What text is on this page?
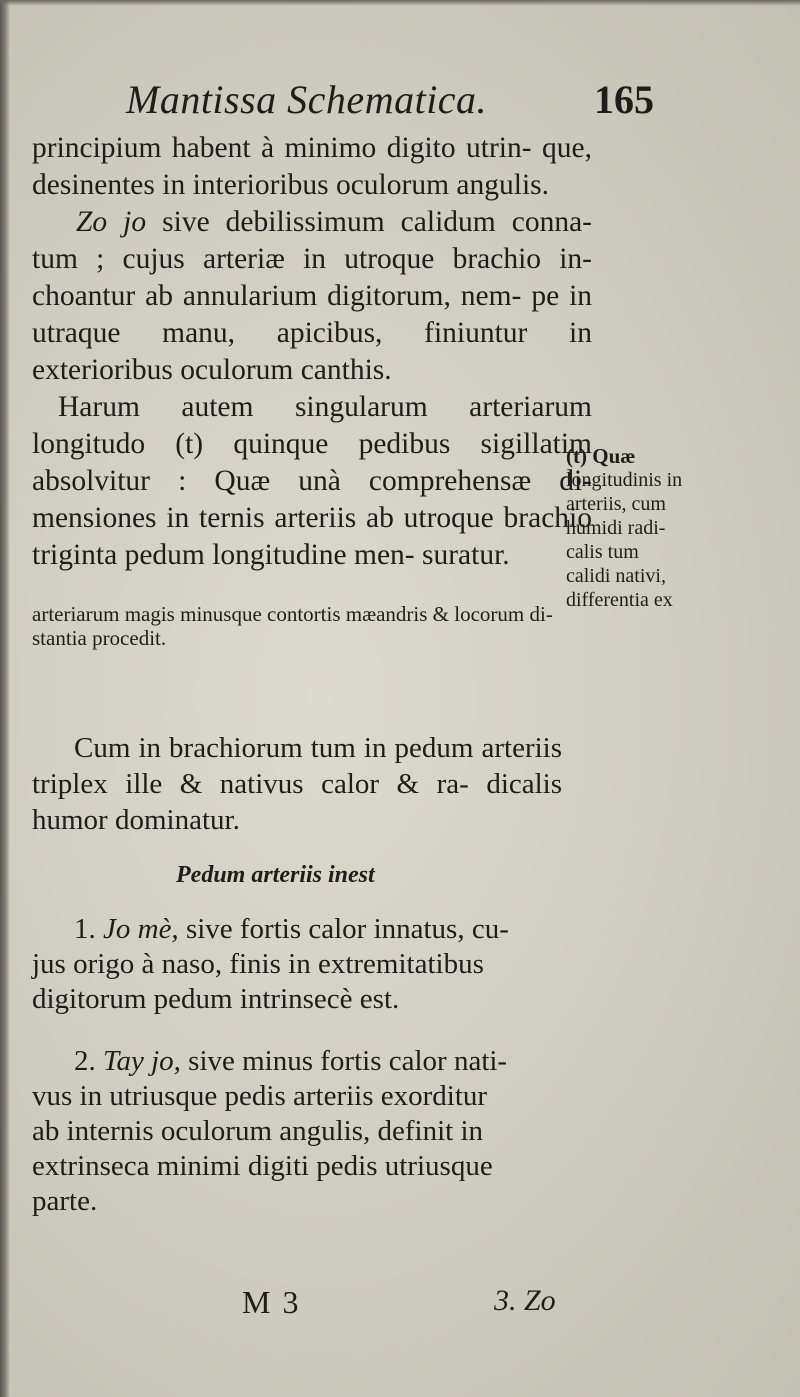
Mantissa Schematica.	165

principium habent à minimo digito utrin- que, desinentes in interioribus oculorum angulis.

Zo jo sive debilissimum calidum conna- tum ; cujus arteriæ in utroque brachio in- choantur ab annularium digitorum, nem- pe in utraque manu, apicibus, finiuntur in exterioribus oculorum canthis.

Harum autem singularum arteriarum longitudo (t) quinque pedibus sigillatim absolvitur : Quæ unà comprehensæ di- mensiones in ternis arteriis ab utroque brachio triginta pedum longitudine men- suratur.

(t) Quæ
longitudinis in
arteriis, cum
humidi radi-
calis tum
calidi nativi,
differentia ex
arteriarum magis minusque contortis mæandris & locorum di-
stantia procedit.

Cum in brachiorum tum in pedum arteriis triplex ille & nativus calor & ra- dicalis humor dominatur.

Pedum arteriis inest
1. Jo mè, sive fortis calor innatus, cu-
jus origo à naso, finis in extremitatibus
digitorum pedum intrinsecè est.
2. Tay jo, sive minus fortis calor nati-
vus in utriusque pedis arteriis exorditur
ab internis oculorum angulis, definit in
extrinseca minimi digiti pedis utriusque
parte.
M 3	3. Zo
